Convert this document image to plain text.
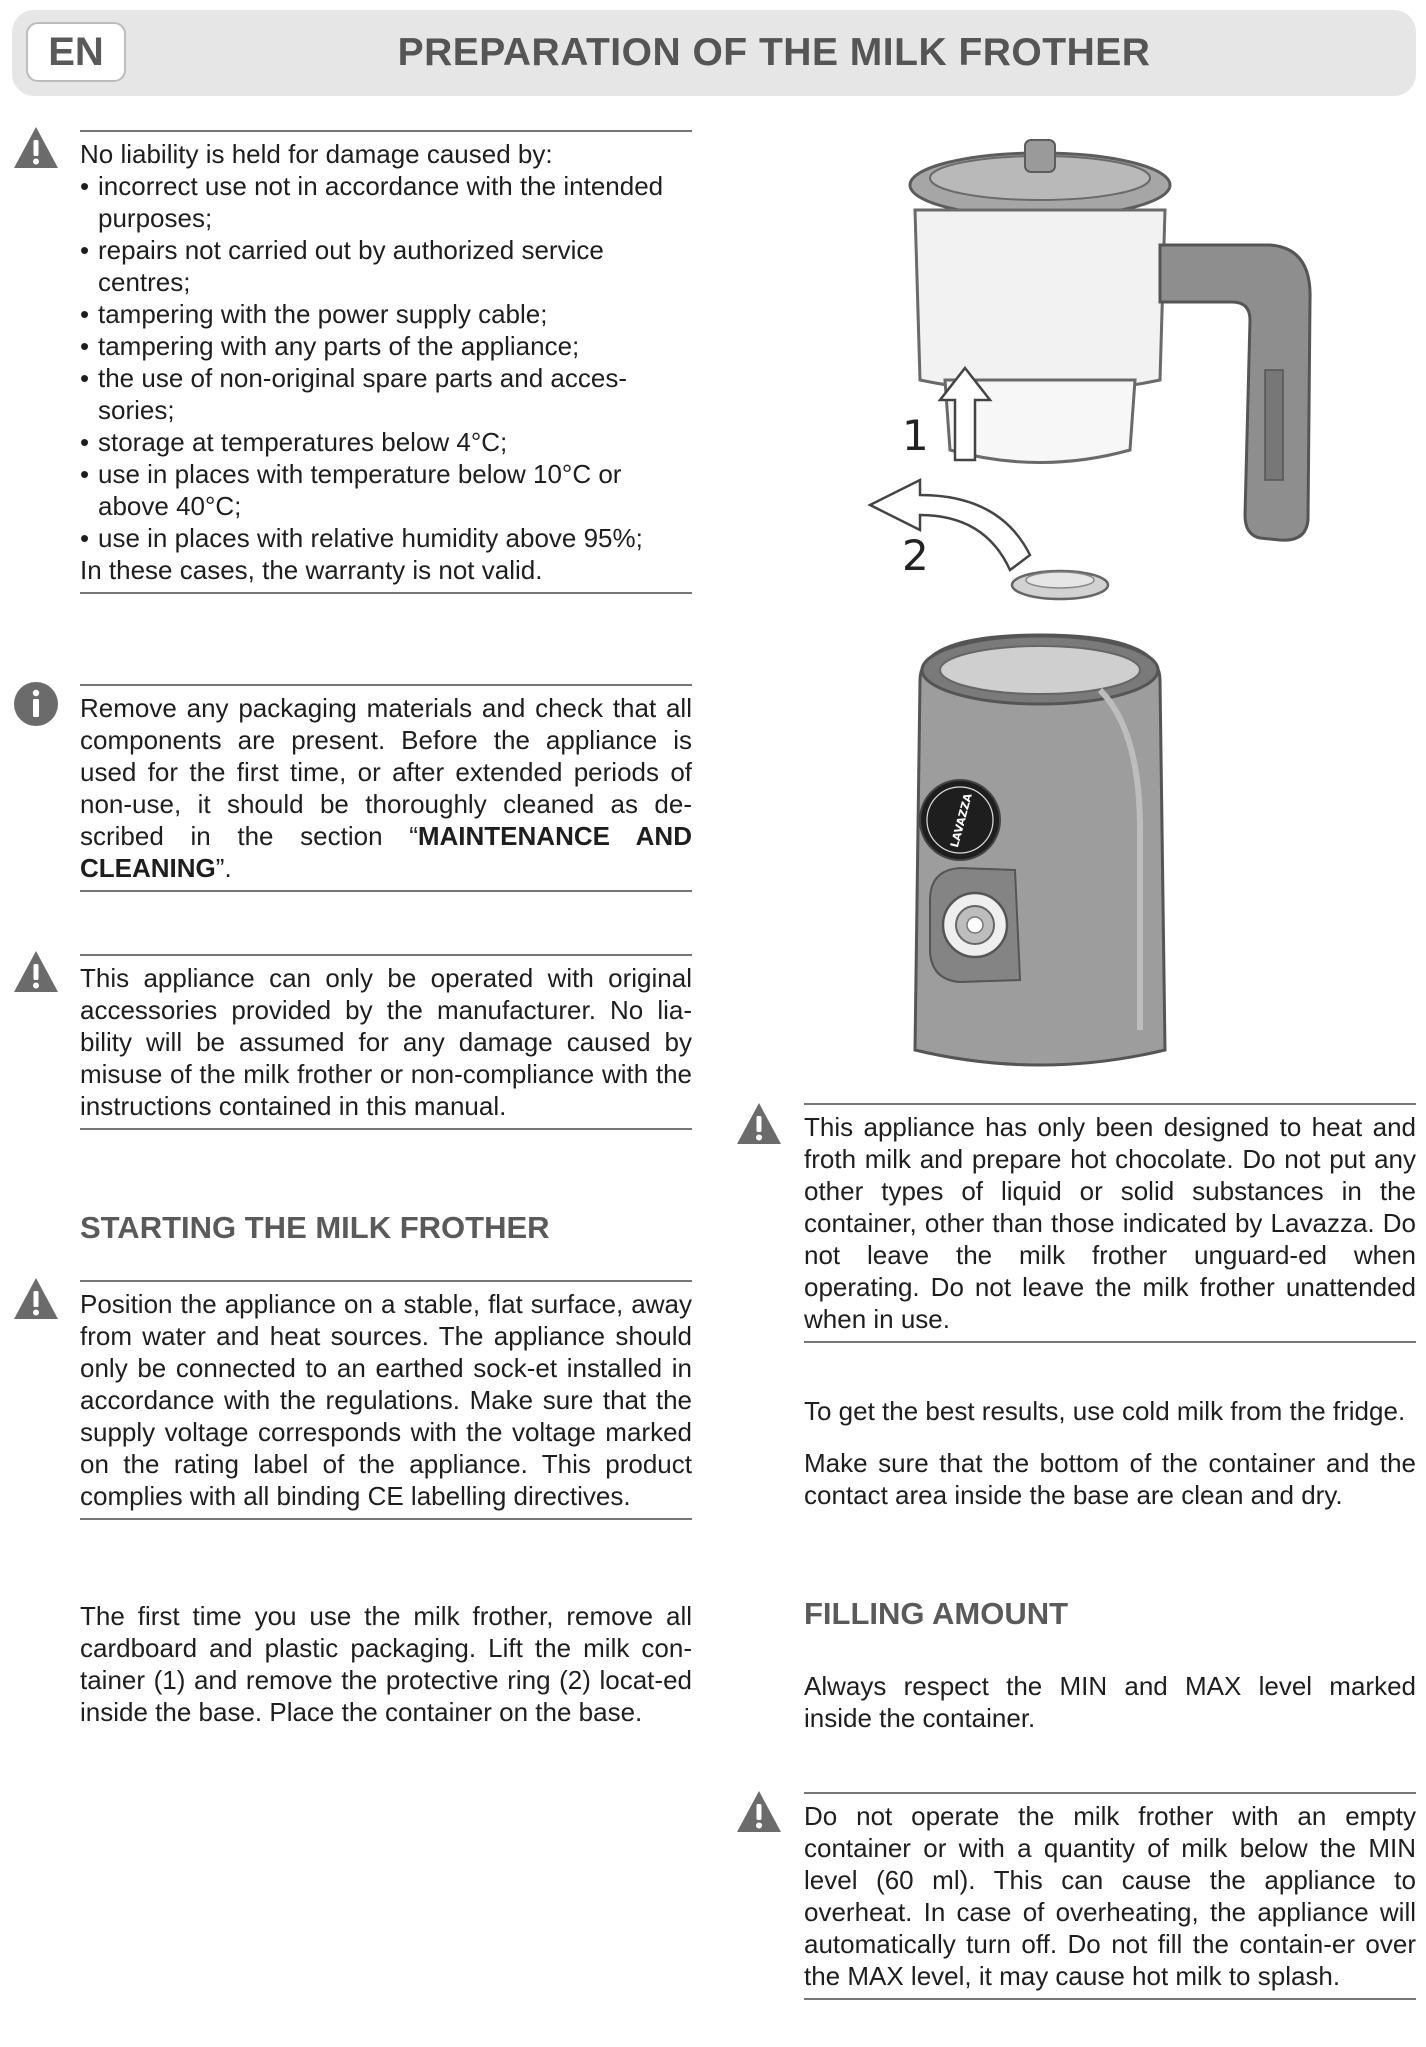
EN	PREPARATION OF THE MILK FROTHER

No liability is held for damage caused by:

• incorrect use not in accordance with the intended purposes;
• repairs not carried out by authorized service centres;
• tampering with the power supply cable;
• tampering with any parts of the appliance;
• the use of non-original spare parts and acces-sories;
• storage at temperatures below 4°C;
• use in places with temperature below 10°C or above 40°C;
• use in places with relative humidity above 95%;

In these cases, the warranty is not valid.

Remove any packaging materials and check that all components are present. Before the appliance is used for the first time, or after extended periods of non-use, it should be thoroughly cleaned as de-scribed in the section “MAINTENANCE AND CLEANING”.

This appliance can only be operated with original accessories provided by the manufacturer. No lia-bility will be assumed for any damage caused by misuse of the milk frother or non-compliance with the instructions contained in this manual.

STARTING THE MILK FROTHER

Position the appliance on a stable, flat surface, away from water and heat sources. The appliance should only be connected to an earthed sock-et installed in accordance with the regulations. Make sure that the supply voltage corresponds with the voltage marked on the rating label of the appliance. This product complies with all binding CE labelling directives.

The first time you use the milk frother, remove all cardboard and plastic packaging. Lift the milk con-tainer (1) and remove the protective ring (2) locat-ed inside the base. Place the container on the base.

1
2
LAVAZZA

This appliance has only been designed to heat and froth milk and prepare hot chocolate. Do not put any other types of liquid or solid substances in the container, other than those indicated by Lavazza. Do not leave the milk frother unguard-ed when operating. Do not leave the milk frother unattended when in use.

To get the best results, use cold milk from the fridge.

Make sure that the bottom of the container and the contact area inside the base are clean and dry.

FILLING AMOUNT

Always respect the MIN and MAX level marked inside the container.

Do not operate the milk frother with an empty container or with a quantity of milk below the MIN level (60 ml). This can cause the appliance to overheat. In case of overheating, the appliance will automatically turn off. Do not fill the contain-er over the MAX level, it may cause hot milk to splash.
